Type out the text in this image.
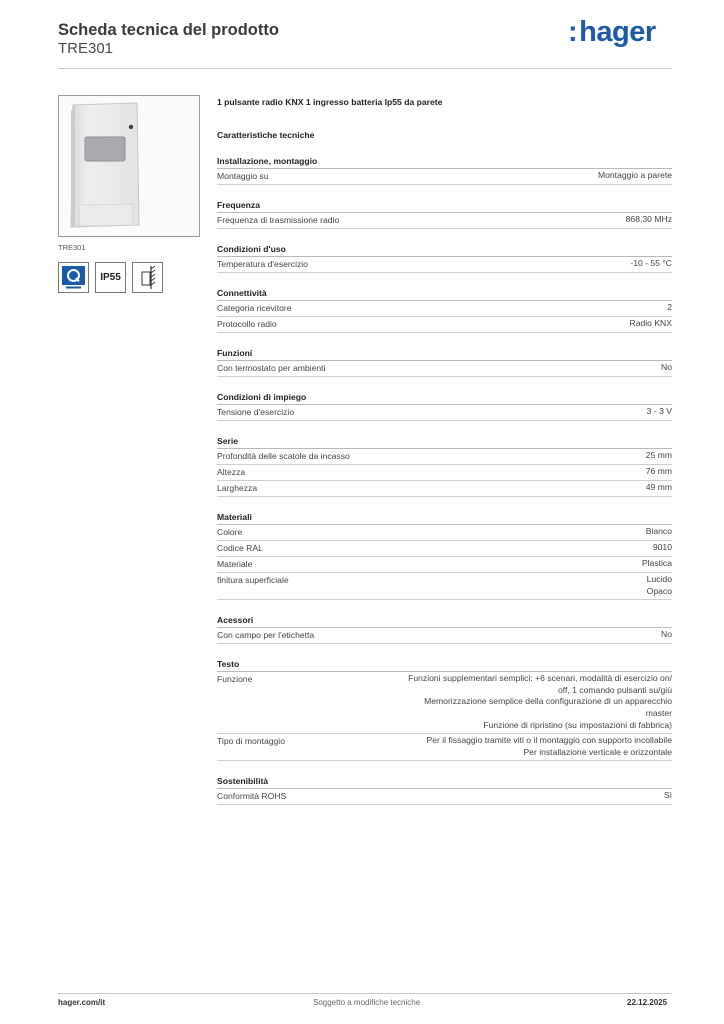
Scheda tecnica del prodotto
TRE301
:hager
TRE301
IP55
1 pulsante radio KNX 1 ingresso batteria Ip55 da parete
Caratteristiche tecniche
Installazione, montaggio
Montaggio su	Montaggio a parete
Frequenza
Frequenza di trasmissione radio	868,30 MHz
Condizioni d'uso
Temperatura d'esercizio	-10 - 55 °C
Connettività
Categoria ricevitore	2
Protocollo radio	Radio KNX
Funzioni
Con termostato per ambienti	No
Condizioni di impiego
Tensione d'esercizio	3 - 3 V
Serie
Profondità delle scatole da incasso	25 mm
Altezza	76 mm
Larghezza	49 mm
Materiali
Colore	Bianco
Codice RAL	9010
Materiale	Plastica
finitura superficiale	Lucido
Opaco
Acessori
Con campo per l'etichetta	No
Testo
Funzione	Funzioni supplementari semplici: +6 scenari, modalità di esercizio on/
off, 1 comando pulsanti su/giù
Memorizzazione semplice della configurazione di un apparecchio
master
Funzione di ripristino (su impostazioni di fabbrica)
Tipo di montaggio	Per il fissaggio tramite viti o il montaggio con supporto incollabile
Per installazione verticale e orizzontale
Sostenibilità
Conformità ROHS	Sì
hager.com/it	Soggetto a modifiche tecniche	22.12.2025
